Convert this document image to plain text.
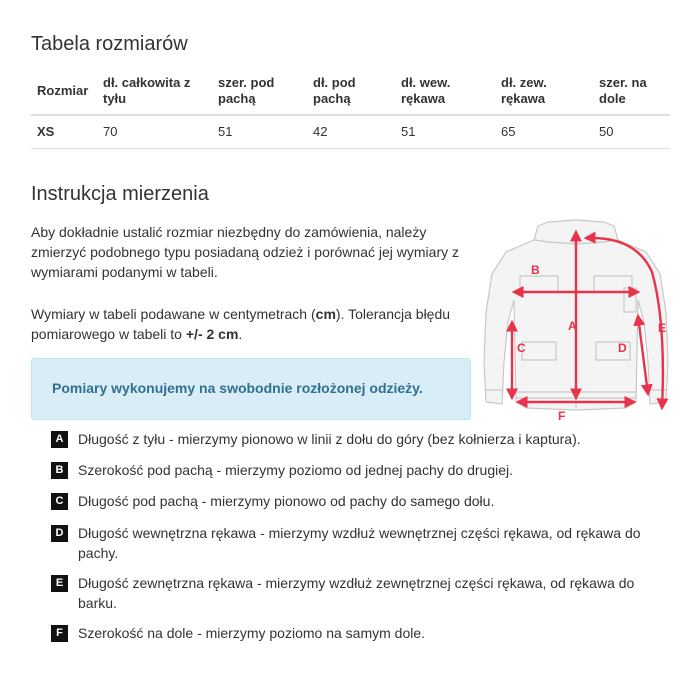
Tabela rozmiarów
Rozmiar	dł. całkowita z tyłu	szer. pod pachą	dł. pod pachą	dł. wew. rękawa	dł. zew. rękawa	szer. na dole
XS	70	51	42	51	65	50
Instrukcja mierzenia

Aby dokładnie ustalić rozmiar niezbędny do zamówienia, należy zmierzyć podobnego typu posiadaną odzież i porównać jej wymiary z wymiarami podanymi w tabeli.

Wymiary w tabeli podawane w centymetrach (cm). Tolerancja błędu pomiarowego w tabeli to +/- 2 cm.

Pomiary wykonujemy na swobodnie rozłożonej odzieży.
A
B
C	D
E
F
A	Długość z tyłu - mierzymy pionowo w linii z dołu do góry (bez kołnierza i kaptura).
B	Szerokość pod pachą - mierzymy poziomo od jednej pachy do drugiej.
C	Długość pod pachą - mierzymy pionowo od pachy do samego dołu.
D	Długość wewnętrzna rękawa - mierzymy wzdłuż wewnętrznej części rękawa, od rękawa do pachy.
E	Długość zewnętrzna rękawa - mierzymy wzdłuż zewnętrznej części rękawa, od rękawa do barku.
F	Szerokość na dole - mierzymy poziomo na samym dole.
